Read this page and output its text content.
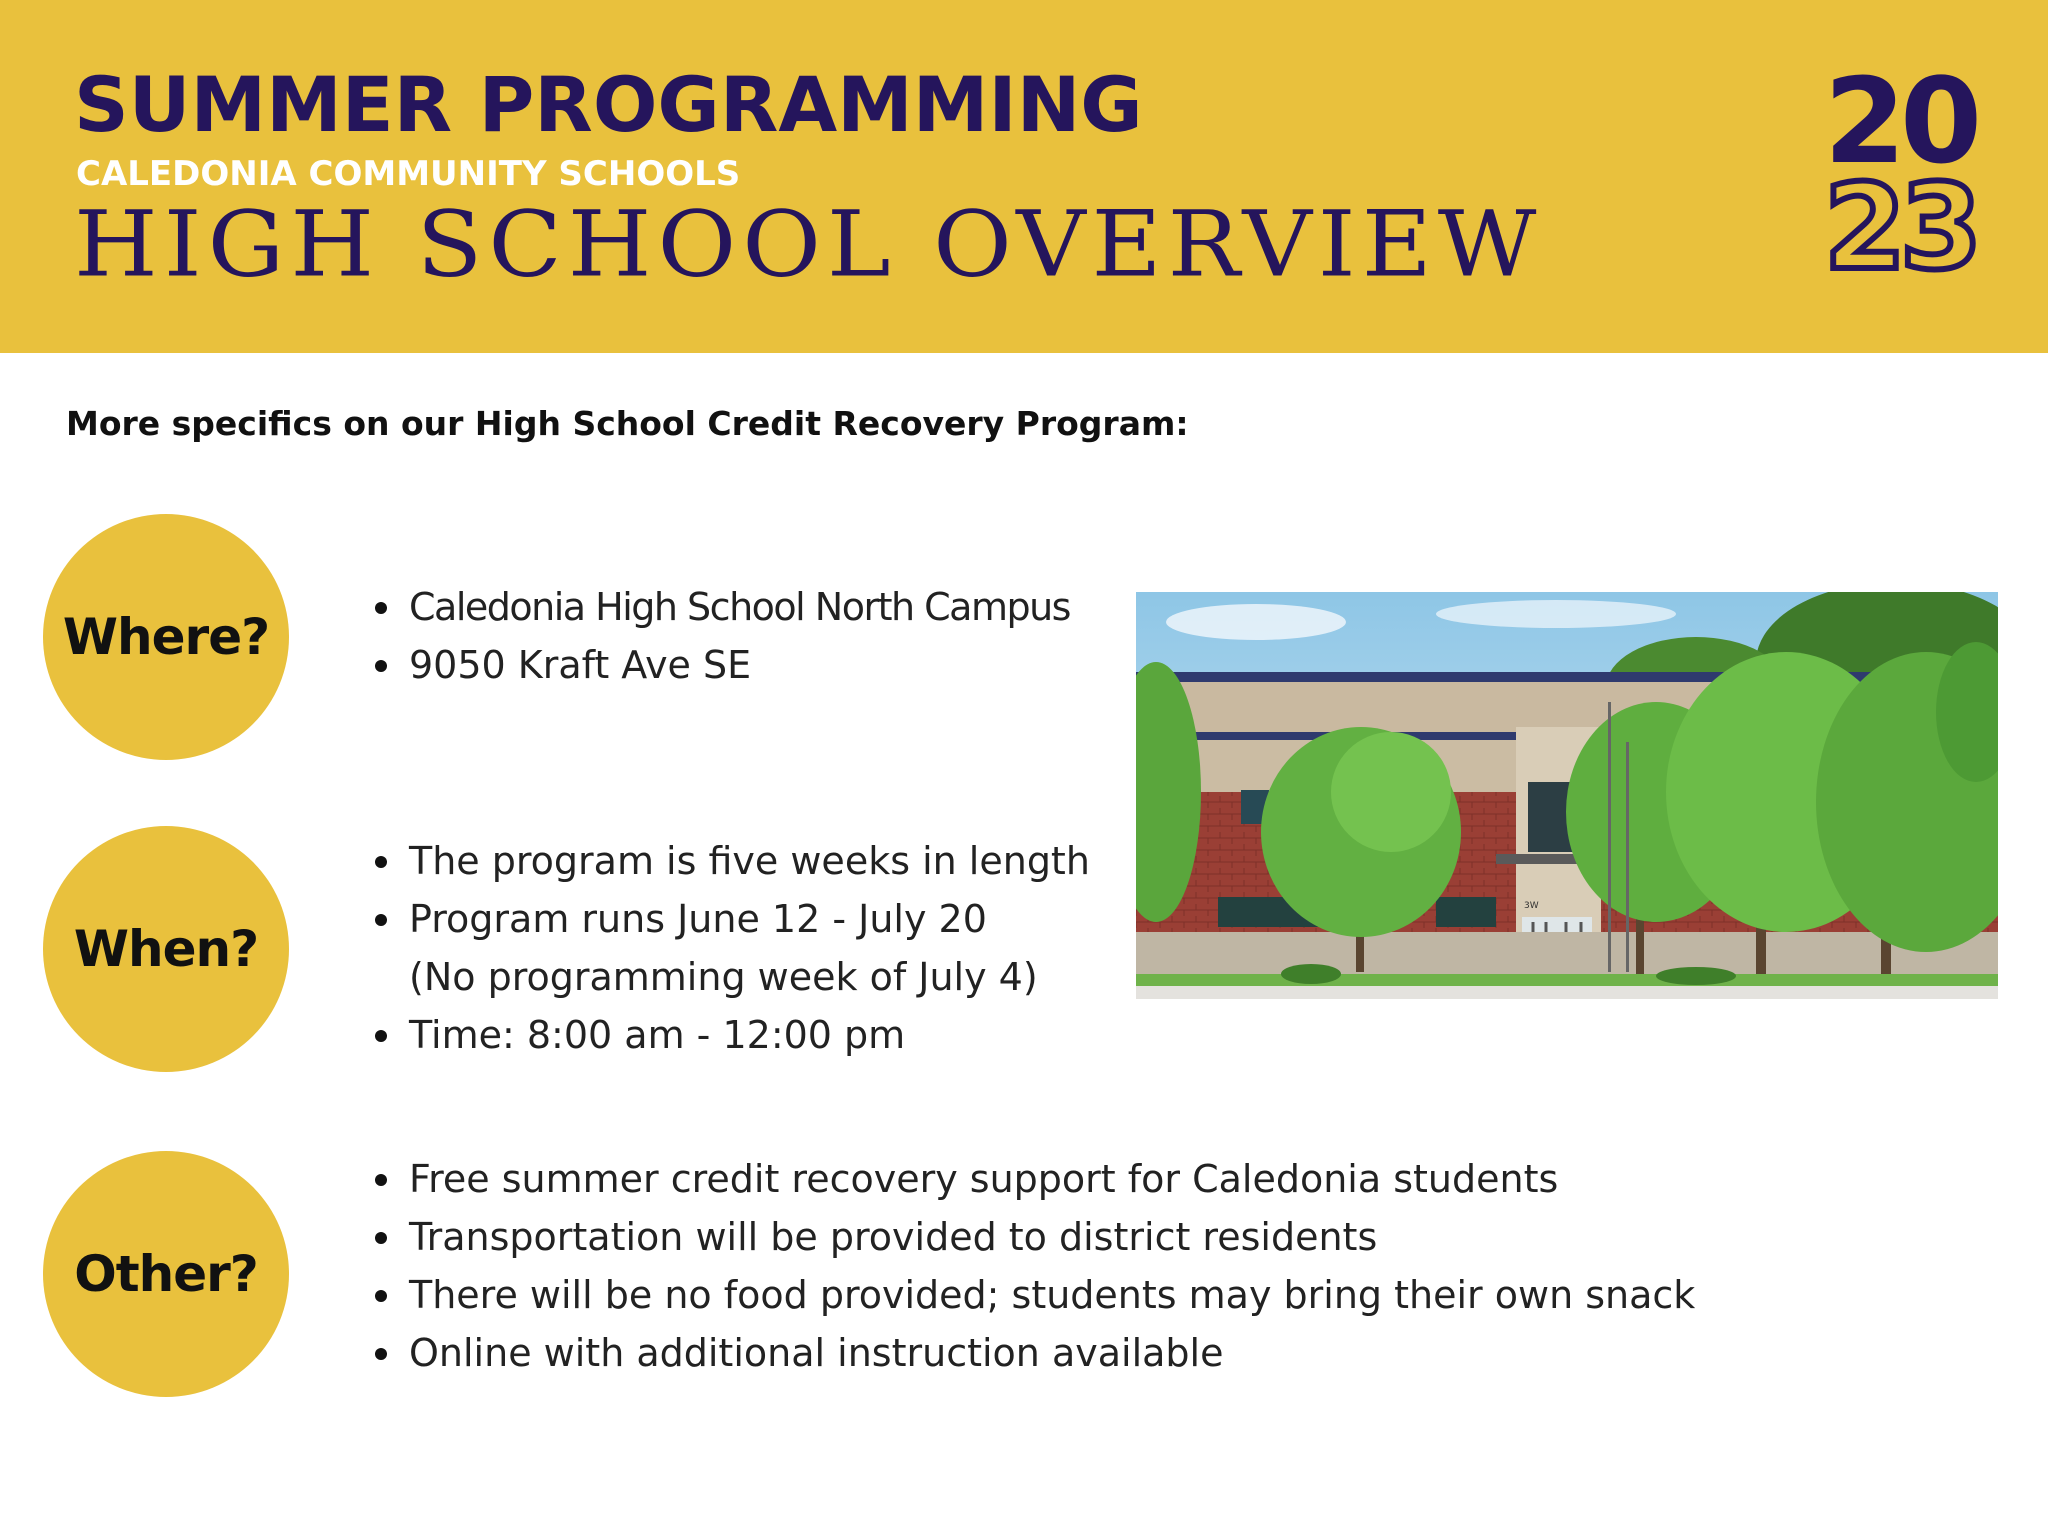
SUMMER PROGRAMMING
CALEDONIA COMMUNITY SCHOOLS
HIGH SCHOOL OVERVIEW
20
23
More specifics on our High School Credit Recovery Program:
Where?
Caledonia High School North Campus
9050 Kraft Ave SE
When?
The program is five weeks in length
Program runs June 12 - July 20
(No programming week of July 4)
Time: 8:00 am - 12:00 pm
Other?
Free summer credit recovery support for Caledonia students
Transportation will be provided to district residents
There will be no food provided; students may bring their own snack
Online with additional instruction available
3W
